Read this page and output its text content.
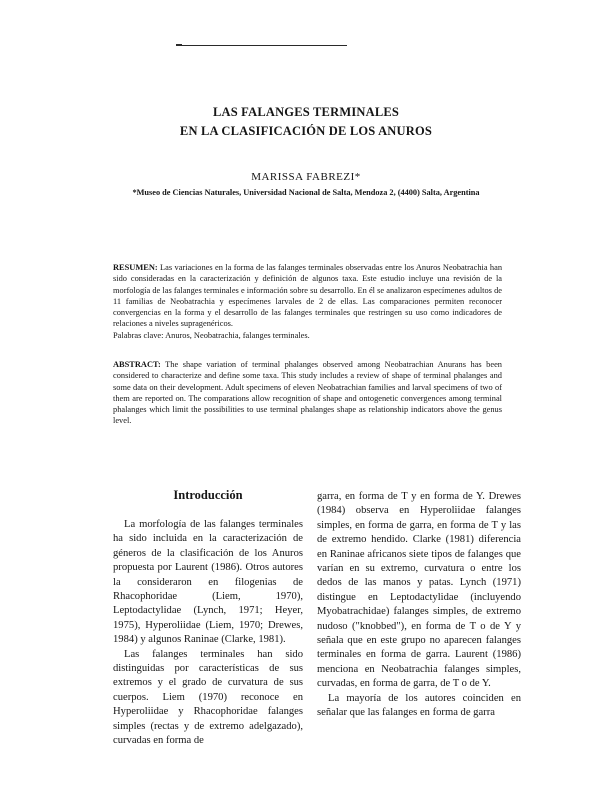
LAS FALANGES TERMINALES
EN LA CLASIFICACIÓN DE LOS ANUROS
MARISSA FABREZI*
*Museo de Ciencias Naturales, Universidad Nacional de Salta, Mendoza 2, (4400) Salta, Argentina
RESUMEN: Las variaciones en la forma de las falanges terminales observadas entre los Anuros Neobatrachia han sido consideradas en la caracterización y definición de algunos taxa. Este estudio incluye una revisión de la morfología de las falanges terminales e información sobre su desarrollo. En él se analizaron especímenes adultos de 11 familias de Neobatrachia y especímenes larvales de 2 de ellas. Las comparaciones permiten reconocer convergencias en la forma y el desarrollo de las falanges terminales que restringen su uso como indicadores de relaciones a niveles supragenéricos.
Palabras clave: Anuros, Neobatrachia, falanges terminales.
ABSTRACT: The shape variation of terminal phalanges observed among Neobatrachian Anurans has been considered to characterize and define some taxa. This study includes a review of shape of terminal phalanges and some data on their development. Adult specimens of eleven Neobatrachian families and larval specimens of two of them are reported on. The comparations allow recognition of shape and ontogenetic convergences among terminal phalanges which limit the possibilities to use terminal phalanges shape as relationship indicators above the genus level.
Introducción

La morfología de las falanges terminales ha sido incluida en la caracterización de géneros de la clasificación de los Anuros propuesta por Laurent (1986). Otros autores la consideraron en filogenias de Rhacophoridae (Liem, 1970), Leptodactylidae (Lynch, 1971; Heyer, 1975), Hyperoliidae (Liem, 1970; Drewes, 1984) y algunos Raninae (Clarke, 1981).

Las falanges terminales han sido distinguidas por características de sus extremos y el grado de curvatura de sus cuerpos. Liem (1970) reconoce en Hyperoliidae y Rhacophoridae falanges simples (rectas y de extremo adelgazado), curvadas en forma de

garra, en forma de T y en forma de Y. Drewes (1984) observa en Hyperoliidae falanges simples, en forma de garra, en forma de T y las de extremo hendido. Clarke (1981) diferencia en Raninae africanos siete tipos de falanges que varían en su extremo, curvatura o entre los dedos de las manos y patas. Lynch (1971) distingue en Leptodactylidae (incluyendo Myobatrachidae) falanges simples, de extremo nudoso ("knobbed"), en forma de T o de Y y señala que en este grupo no aparecen falanges terminales en forma de garra. Laurent (1986) menciona en Neobatrachia falanges simples, curvadas, en forma de garra, de T o de Y.

La mayoría de los autores coinciden en señalar que las falanges en forma de garra
